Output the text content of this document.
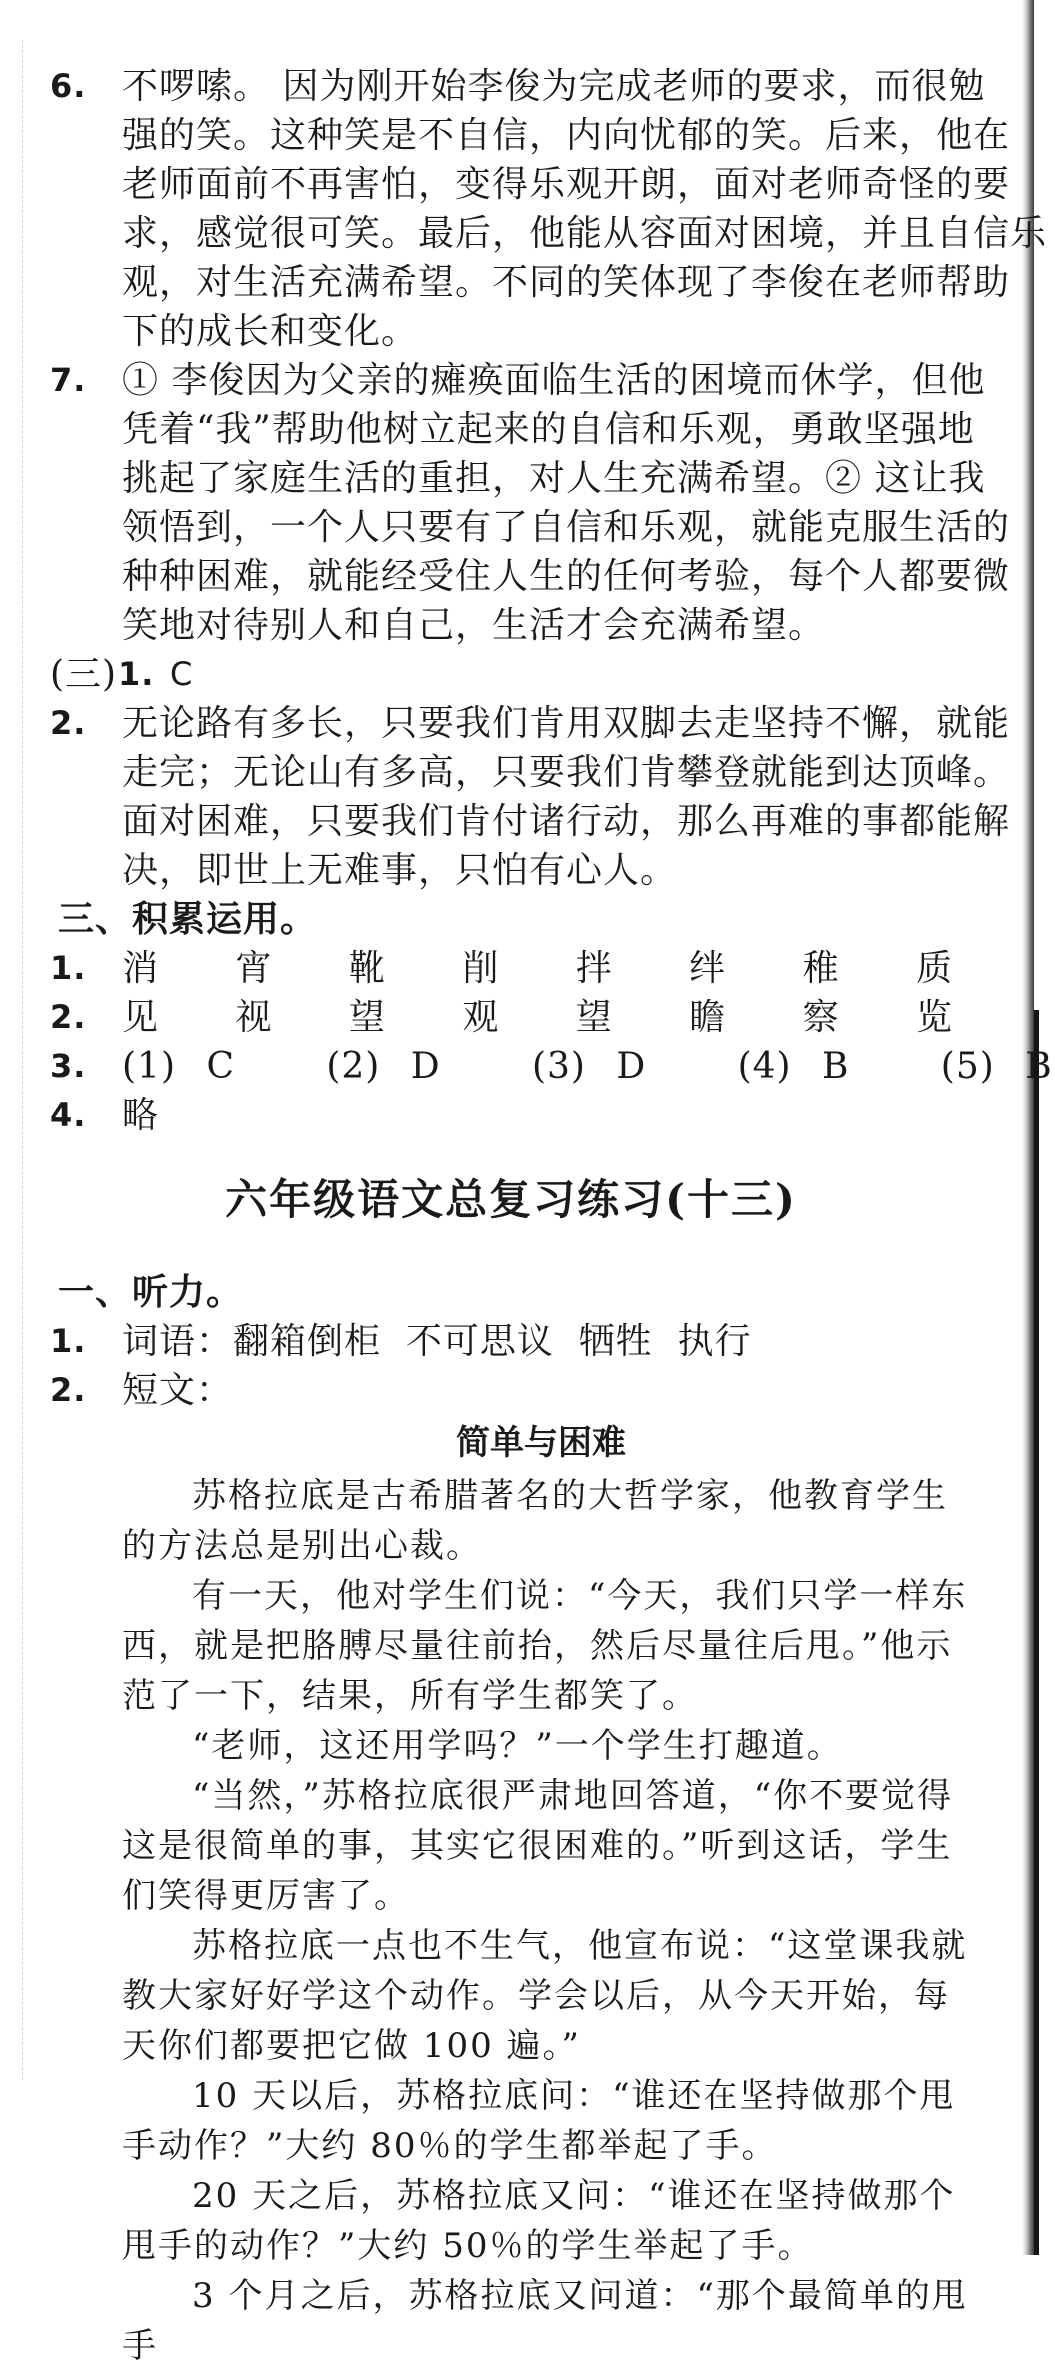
6. 不啰嗦。 因为刚开始李俊为完成老师的要求，而很勉
强的笑。这种笑是不自信，内向忧郁的笑。后来，他在
老师面前不再害怕，变得乐观开朗，面对老师奇怪的要
求，感觉很可笑。最后，他能从容面对困境，并且自信乐
观，对生活充满希望。不同的笑体现了李俊在老师帮助
下的成长和变化。
7. ① 李俊因为父亲的瘫痪面临生活的困境而休学，但他
凭着“我”帮助他树立起来的自信和乐观，勇敢坚强地
挑起了家庭生活的重担，对人生充满希望。② 这让我
领悟到，一个人只要有了自信和乐观，就能克服生活的
种种困难，就能经受住人生的任何考验，每个人都要微
笑地对待别人和自己，生活才会充满希望。
(三) 1. C
2. 无论路有多长，只要我们肯用双脚去走坚持不懈，就能
走完；无论山有多高，只要我们肯攀登就能到达顶峰。
面对困难，只要我们肯付诸行动，那么再难的事都能解
决，即世上无难事，只怕有心人。
三、积累运用。
1. 消 宵 靴 削 拌 绊 稚 质
2. 见 视 望 观 望 瞻 察 览
3. (1) C   (2) D   (3) D   (4) B   (5) B
4. 略
六年级语文总复习练习(十三)
一、听力。
1. 词语：翻箱倒柜  不可思议  牺牲  执行
2. 短文：
简单与困难
苏格拉底是古希腊著名的大哲学家，他教育学生的方法总是别出心裁。
有一天，他对学生们说：“今天，我们只学一样东西，就是把胳膊尽量往前抬，然后尽量往后甩。”他示范了一下，结果，所有学生都笑了。
“老师，这还用学吗？”一个学生打趣道。
“当然，”苏格拉底很严肃地回答道，“你不要觉得这是很简单的事，其实它很困难的。”听到这话，学生们笑得更厉害了。
苏格拉底一点也不生气，他宣布说：“这堂课我就教大家好好学这个动作。学会以后，从今天开始，每天你们都要把它做 100 遍。”
10 天以后，苏格拉底问：“谁还在坚持做那个甩手动作？”大约 80％的学生都举起了手。
20 天之后，苏格拉底又问：“谁还在坚持做那个甩手的动作？”大约 50％的学生举起了手。
3 个月之后，苏格拉底又问道：“那个最简单的甩手
